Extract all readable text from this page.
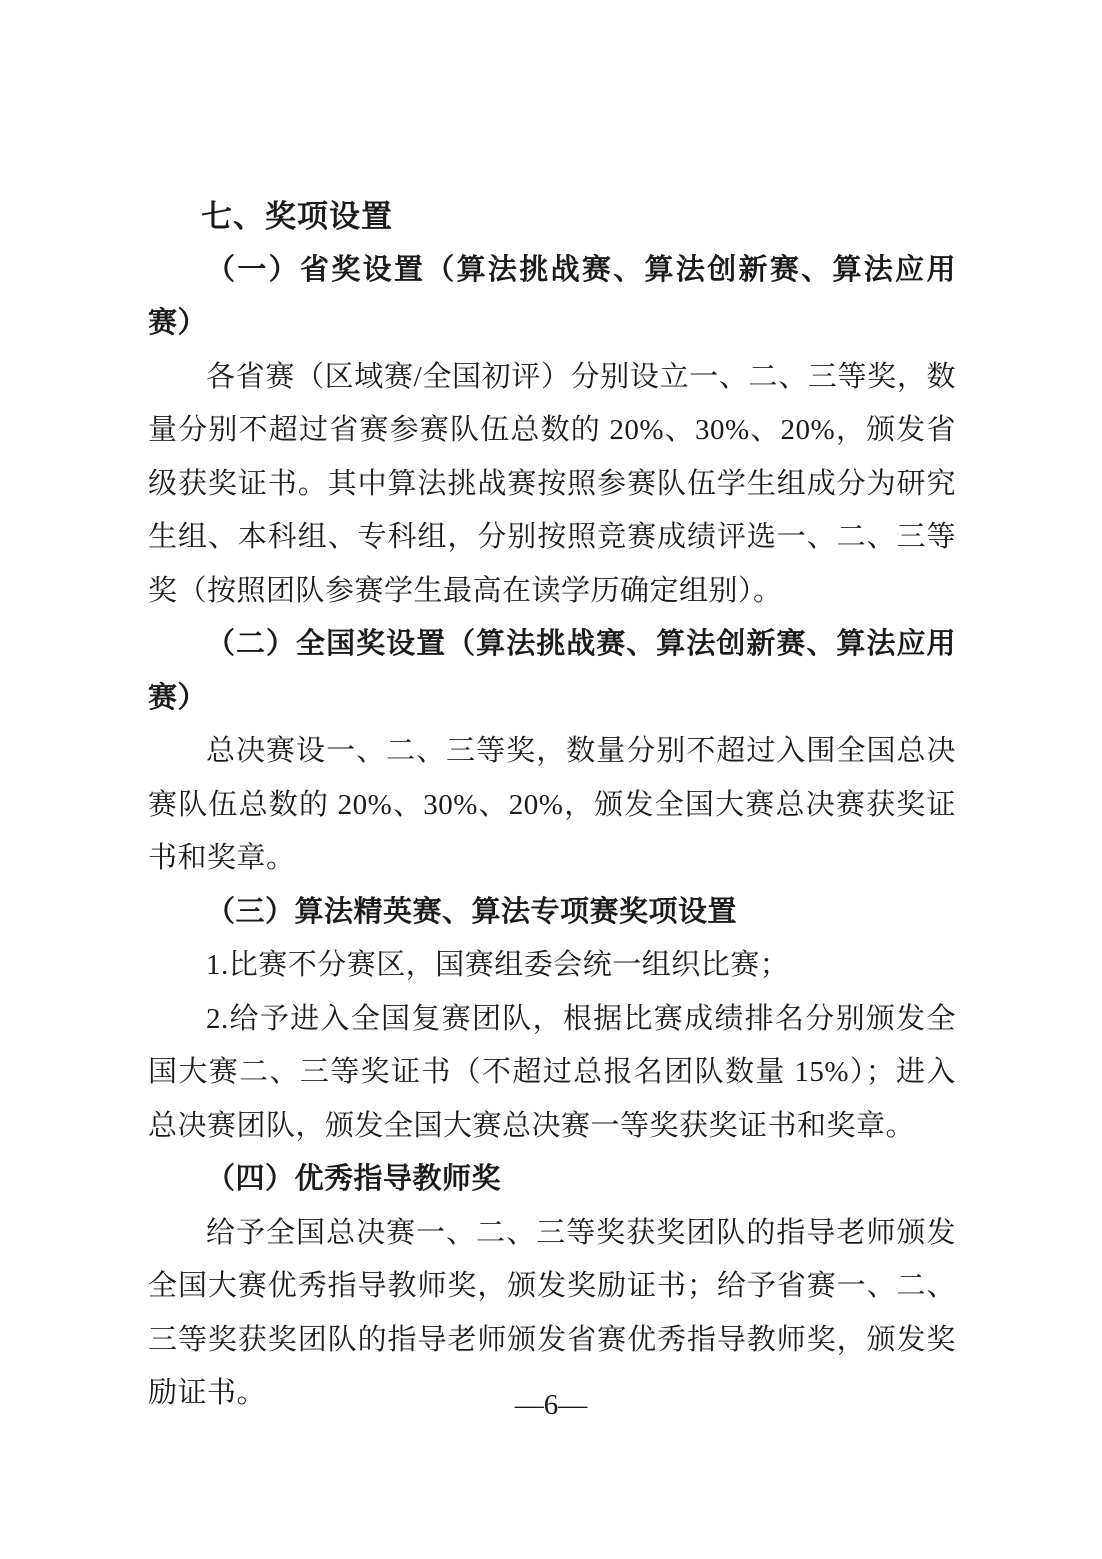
七、奖项设置
（一）省奖设置（算法挑战赛、算法创新赛、算法应用赛）

各省赛（区域赛/全国初评）分别设立一、二、三等奖，数量分别不超过省赛参赛队伍总数的 20%、30%、20%，颁发省级获奖证书。其中算法挑战赛按照参赛队伍学生组成分为研究生组、本科组、专科组，分别按照竞赛成绩评选一、二、三等奖（按照团队参赛学生最高在读学历确定组别）。

（二）全国奖设置（算法挑战赛、算法创新赛、算法应用赛）

总决赛设一、二、三等奖，数量分别不超过入围全国总决赛队伍总数的 20%、30%、20%，颁发全国大赛总决赛获奖证书和奖章。

（三）算法精英赛、算法专项赛奖项设置

1.比赛不分赛区，国赛组委会统一组织比赛；

2.给予进入全国复赛团队，根据比赛成绩排名分别颁发全国大赛二、三等奖证书（不超过总报名团队数量 15%）；进入总决赛团队，颁发全国大赛总决赛一等奖获奖证书和奖章。

（四）优秀指导教师奖

给予全国总决赛一、二、三等奖获奖团队的指导老师颁发全国大赛优秀指导教师奖，颁发奖励证书；给予省赛一、二、三等奖获奖团队的指导老师颁发省赛优秀指导教师奖，颁发奖励证书。	—6—
